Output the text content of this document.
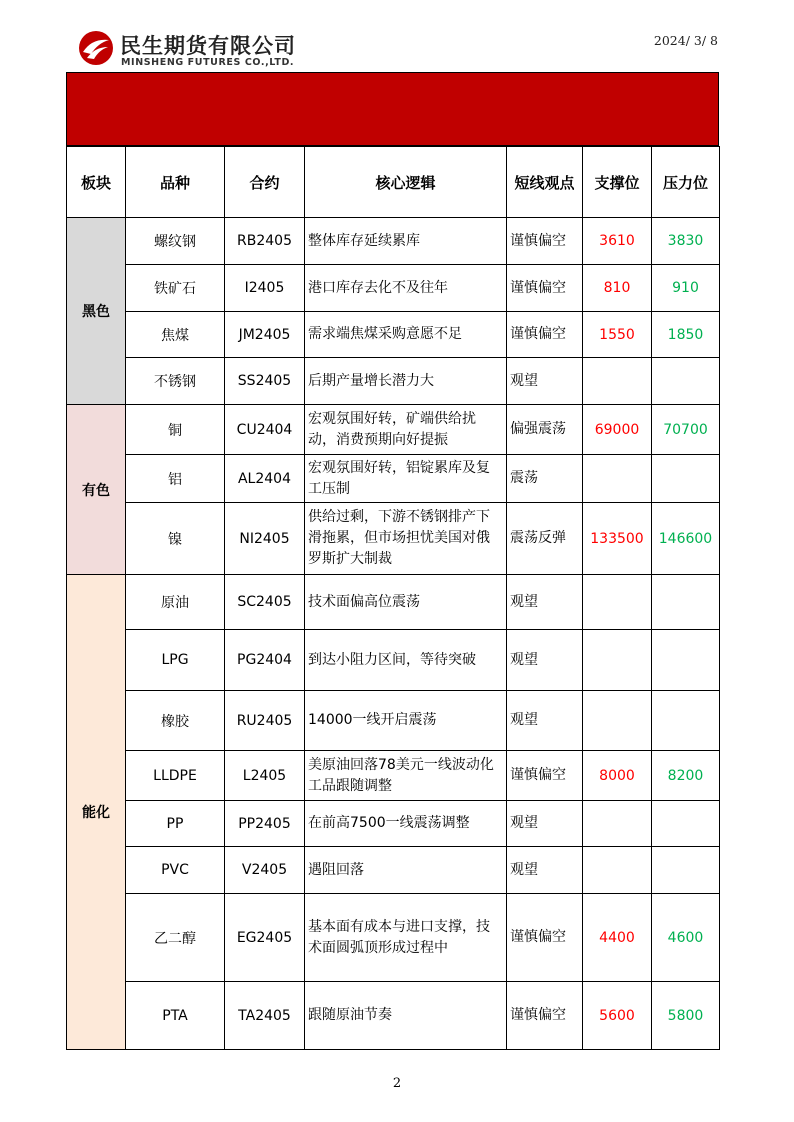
民生期货有限公司
MINSHENG FUTURES CO.,LTD.
2024/ 3/ 8
板块	品种	合约	核心逻辑	短线观点	支撑位	压力位
黑色	螺纹钢	RB2405	整体库存延续累库	谨慎偏空	3610	3830
	铁矿石	I2405	港口库存去化不及往年	谨慎偏空	810	910
	焦煤	JM2405	需求端焦煤采购意愿不足	谨慎偏空	1550	1850
	不锈钢	SS2405	后期产量增长潜力大	观望		
有色	铜	CU2404	宏观氛围好转，矿端供给扰动，消费预期向好提振	偏强震荡	69000	70700
	铝	AL2404	宏观氛围好转，铝锭累库及复工压制	震荡		
	镍	NI2405	供给过剩，下游不锈钢排产下滑拖累，但市场担忧美国对俄罗斯扩大制裁	震荡反弹	133500	146600
能化	原油	SC2405	技术面偏高位震荡	观望		
	LPG	PG2404	到达小阻力区间，等待突破	观望		
	橡胶	RU2405	14000一线开启震荡	观望		
	LLDPE	L2405	美原油回落78美元一线波动化工品跟随调整	谨慎偏空	8000	8200
	PP	PP2405	在前高7500一线震荡调整	观望		
	PVC	V2405	遇阻回落	观望		
	乙二醇	EG2405	基本面有成本与进口支撑，技术面圆弧顶形成过程中	谨慎偏空	4400	4600
	PTA	TA2405	跟随原油节奏	谨慎偏空	5600	5800
2
